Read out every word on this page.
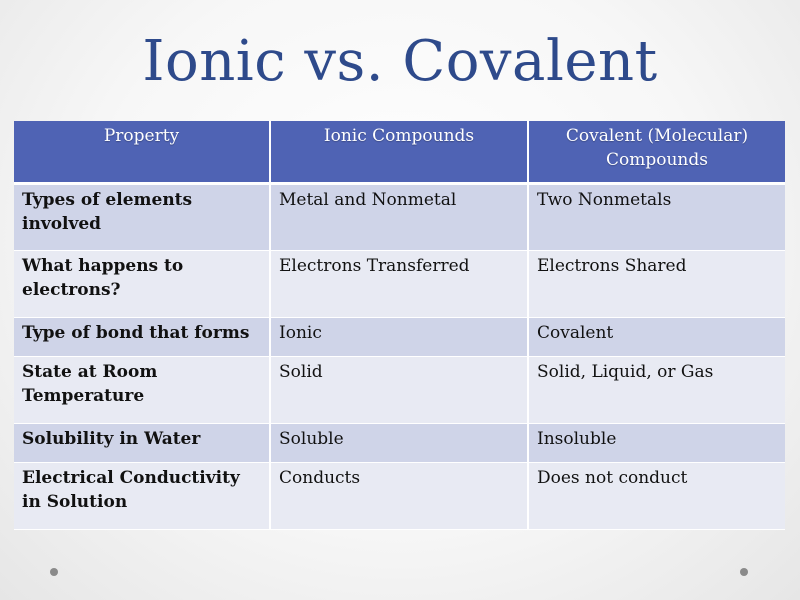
Ionic vs. Covalent
Property	Ionic Compounds	Covalent (Molecular) Compounds
Types of elements involved	Metal and Nonmetal	Two Nonmetals
What happens to electrons?	Electrons Transferred	Electrons Shared
Type of bond that forms	Ionic	Covalent
State at Room Temperature	Solid	Solid, Liquid, or Gas
Solubility in Water	Soluble	Insoluble
Electrical Conductivity in Solution	Conducts	Does not conduct
